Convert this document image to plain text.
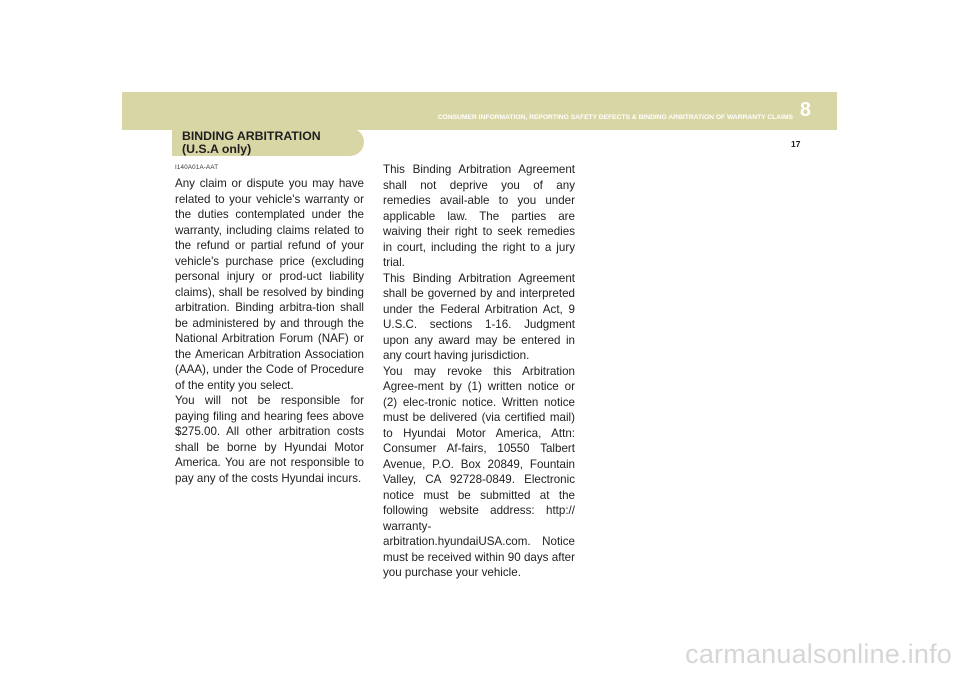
CONSUMER INFORMATION, REPORTING SAFETY DEFECTS & BINDING ARBITRATION OF WARRANTY CLAIMS 8
17
BINDING ARBITRATION
(U.S.A only)
I140A01A-AAT

Any claim or dispute you may have related to your vehicle's warranty or the duties contemplated under the warranty, including claims related to the refund or partial refund of your vehicle's purchase price (excluding personal injury or prod-uct liability claims), shall be resolved by binding arbitration. Binding arbitra-tion shall be administered by and through the National Arbitration Forum (NAF) or the American Arbitration Association (AAA), under the Code of Procedure of the entity you select.

You will not be responsible for paying filing and hearing fees above $275.00. All other arbitration costs shall be borne by Hyundai Motor America. You are not responsible to pay any of the costs Hyundai incurs.

This Binding Arbitration Agreement shall not deprive you of any remedies avail-able to you under applicable law. The parties are waiving their right to seek remedies in court, including the right to a jury trial.

This Binding Arbitration Agreement shall be governed by and interpreted under the Federal Arbitration Act, 9 U.S.C. sections 1-16. Judgment upon any award may be entered in any court having jurisdiction.

You may revoke this Arbitration Agree-ment by (1) written notice or (2) elec-tronic notice. Written notice must be delivered (via certified mail) to Hyundai Motor America, Attn: Consumer Af-fairs, 10550 Talbert Avenue, P.O. Box 20849, Fountain Valley, CA 92728-0849. Electronic notice must be submitted at the following website address: http:// warranty-arbitration.hyundaiUSA.com. Notice must be received within 90 days after you purchase your vehicle.

carmanualsonline.info
